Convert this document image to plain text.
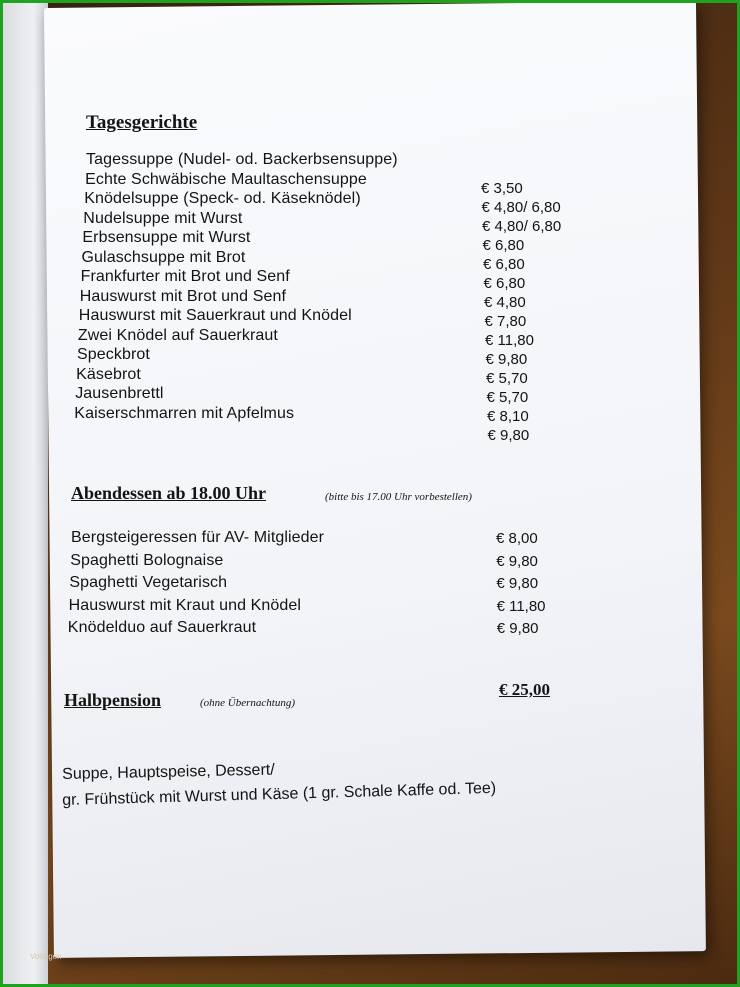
Tagesgerichte
Tagessuppe (Nudel- od. Backerbsensuppe)
Echte Schwäbische Maultaschensuppe
Knödelsuppe (Speck- od. Käseknödel)
Nudelsuppe mit Wurst
Erbsensuppe mit Wurst
Gulaschsuppe mit Brot
Frankfurter mit Brot und Senf
Hauswurst mit Brot und Senf
Hauswurst mit Sauerkraut und Knödel
Zwei Knödel auf Sauerkraut
Speckbrot
Käsebrot
Jausenbrettl
Kaiserschmarren mit Apfelmus
€ 3,50
€ 4,80/ 6,80
€ 4,80/ 6,80
€ 6,80
€ 6,80
€ 6,80
€ 4,80
€ 7,80
€ 11,80
€ 9,80
€ 5,70
€ 5,70
€ 8,10
€ 9,80
Abendessen ab 18.00 Uhr	(bitte bis 17.00 Uhr vorbestellen)
Bergsteigeressen für AV- Mitglieder
Spaghetti Bolognaise
Spaghetti Vegetarisch
Hauswurst mit Kraut und Knödel
Knödelduo auf Sauerkraut
€ 8,00
€ 9,80
€ 9,80
€ 11,80
€ 9,80
Halbpension	(ohne Übernachtung)
€ 25,00
Suppe, Hauptspeise, Dessert/
gr. Frühstück mit Wurst und Käse (1 gr. Schale Kaffe od. Tee)
Vorlagen
